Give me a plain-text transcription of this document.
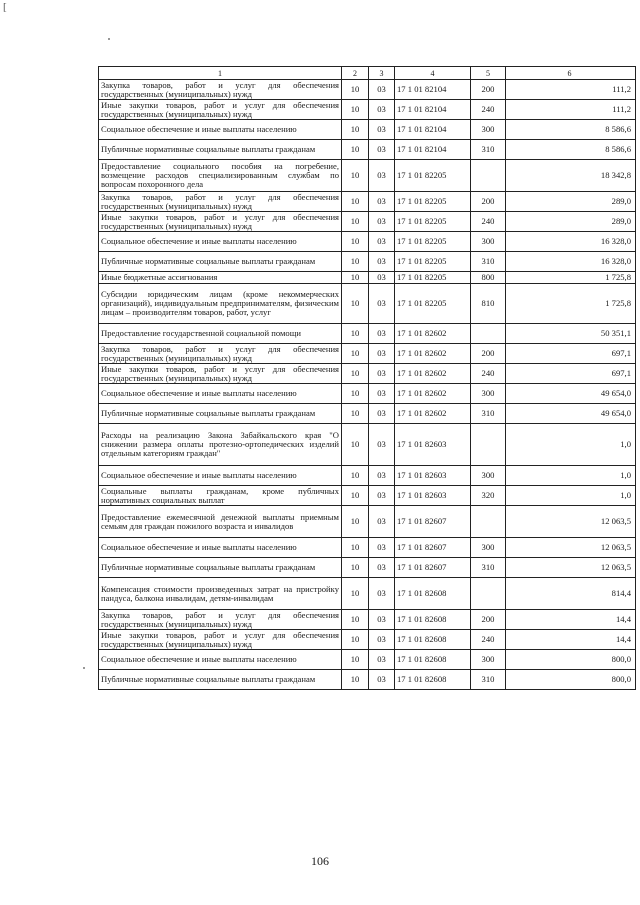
[
1	2	3	4	5	6
Закупка товаров, работ и услуг для обеспечения государственных (муниципальных) нужд	10	03	17 1 01 82104	200	111,2
Иные закупки товаров, работ и услуг для обеспечения государственных (муниципальных) нужд	10	03	17 1 01 82104	240	111,2
Социальное обеспечение и иные выплаты населению	10	03	17 1 01 82104	300	8 586,6
Публичные нормативные социальные выплаты гражданам	10	03	17 1 01 82104	310	8 586,6
Предоставление социального пособия на погребение, возмещение расходов специализированным службам по вопросам похоронного дела	10	03	17 1 01 82205		18 342,8
Закупка товаров, работ и услуг для обеспечения государственных (муниципальных) нужд	10	03	17 1 01 82205	200	289,0
Иные закупки товаров, работ и услуг для обеспечения государственных (муниципальных) нужд	10	03	17 1 01 82205	240	289,0
Социальное обеспечение и иные выплаты населению	10	03	17 1 01 82205	300	16 328,0
Публичные нормативные социальные выплаты гражданам	10	03	17 1 01 82205	310	16 328,0
Иные бюджетные ассигнования	10	03	17 1 01 82205	800	1 725,8
Субсидии юридическим лицам (кроме некоммерческих организаций), индивидуальным предпринимателям, физическим лицам – производителям товаров, работ, услуг	10	03	17 1 01 82205	810	1 725,8
Предоставление государственной социальной помощи	10	03	17 1 01 82602		50 351,1
Закупка товаров, работ и услуг для обеспечения государственных (муниципальных) нужд	10	03	17 1 01 82602	200	697,1
Иные закупки товаров, работ и услуг для обеспечения государственных (муниципальных) нужд	10	03	17 1 01 82602	240	697,1
Социальное обеспечение и иные выплаты населению	10	03	17 1 01 82602	300	49 654,0
Публичные нормативные социальные выплаты гражданам	10	03	17 1 01 82602	310	49 654,0
Расходы на реализацию Закона Забайкальского края "О снижении размера оплаты протезно-ортопедических изделий отдельным категориям граждан"	10	03	17 1 01 82603		1,0
Социальное обеспечение и иные выплаты населению	10	03	17 1 01 82603	300	1,0
Социальные выплаты гражданам, кроме публичных нормативных социальных выплат	10	03	17 1 01 82603	320	1,0
Предоставление ежемесячной денежной выплаты приемным семьям для граждан пожилого возраста и инвалидов	10	03	17 1 01 82607		12 063,5
Социальное обеспечение и иные выплаты населению	10	03	17 1 01 82607	300	12 063,5
Публичные нормативные социальные выплаты гражданам	10	03	17 1 01 82607	310	12 063,5
Компенсация стоимости произведенных затрат на пристройку пандуса, балкона инвалидам, детям-инвалидам	10	03	17 1 01 82608		814,4
Закупка товаров, работ и услуг для обеспечения государственных (муниципальных) нужд	10	03	17 1 01 82608	200	14,4
Иные закупки товаров, работ и услуг для обеспечения государственных (муниципальных) нужд	10	03	17 1 01 82608	240	14,4
Социальное обеспечение и иные выплаты населению	10	03	17 1 01 82608	300	800,0
Публичные нормативные социальные выплаты гражданам	10	03	17 1 01 82608	310	800,0
106
